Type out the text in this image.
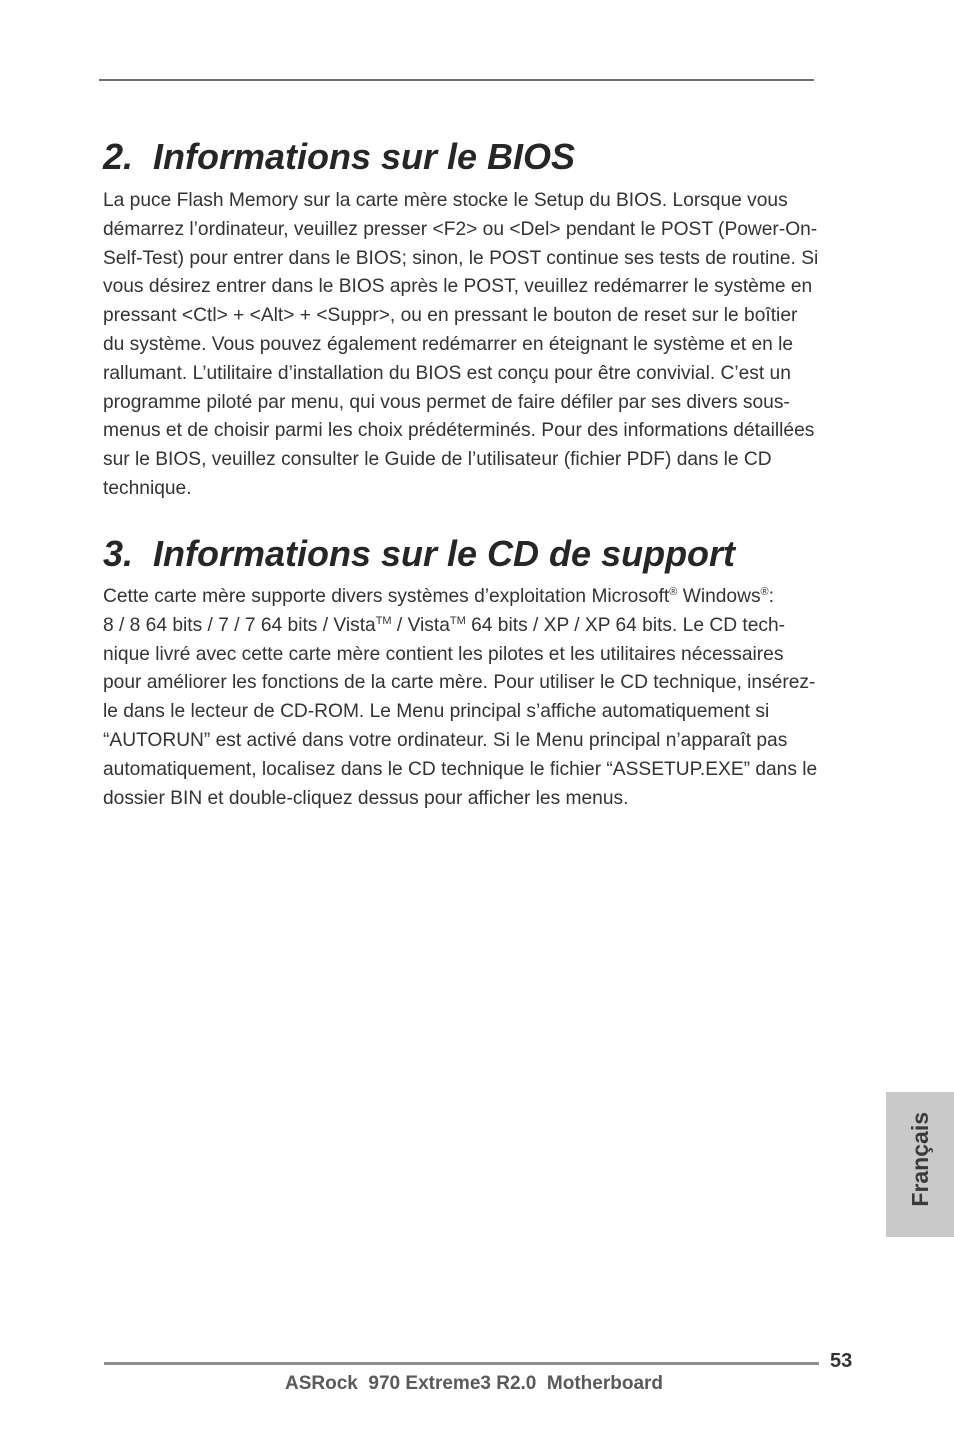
2. Informations sur le BIOS
La puce Flash Memory sur la carte mère stocke le Setup du BIOS. Lorsque vous
démarrez l’ordinateur, veuillez presser <F2> ou <Del> pendant le POST (Power-On-
Self-Test) pour entrer dans le BIOS; sinon, le POST continue ses tests de routine. Si
vous désirez entrer dans le BIOS après le POST, veuillez redémarrer le système en
pressant <Ctl> + <Alt> + <Suppr>, ou en pressant le bouton de reset sur le boîtier
du système. Vous pouvez également redémarrer en éteignant le système et en le
rallumant. L’utilitaire d’installation du BIOS est conçu pour être convivial. C’est un
programme piloté par menu, qui vous permet de faire défiler par ses divers sous-
menus et de choisir parmi les choix prédéterminés. Pour des informations détaillées
sur le BIOS, veuillez consulter le Guide de l’utilisateur (fichier PDF) dans le CD
technique.
3. Informations sur le CD de support
Cette carte mère supporte divers systèmes d’exploitation Microsoft® Windows®:
8 / 8 64 bits / 7 / 7 64 bits / Vista™ / Vista™ 64 bits / XP / XP 64 bits. Le CD tech-
nique livré avec cette carte mère contient les pilotes et les utilitaires nécessaires
pour améliorer les fonctions de la carte mère. Pour utiliser le CD technique, insérez-
le dans le lecteur de CD-ROM. Le Menu principal s’affiche automatiquement si
“AUTORUN” est activé dans votre ordinateur. Si le Menu principal n’apparaît pas
automatiquement, localisez dans le CD technique le fichier “ASSETUP.EXE” dans le
dossier BIN et double-cliquez dessus pour afficher les menus.
Français
53
ASRock  970 Extreme3 R2.0  Motherboard
